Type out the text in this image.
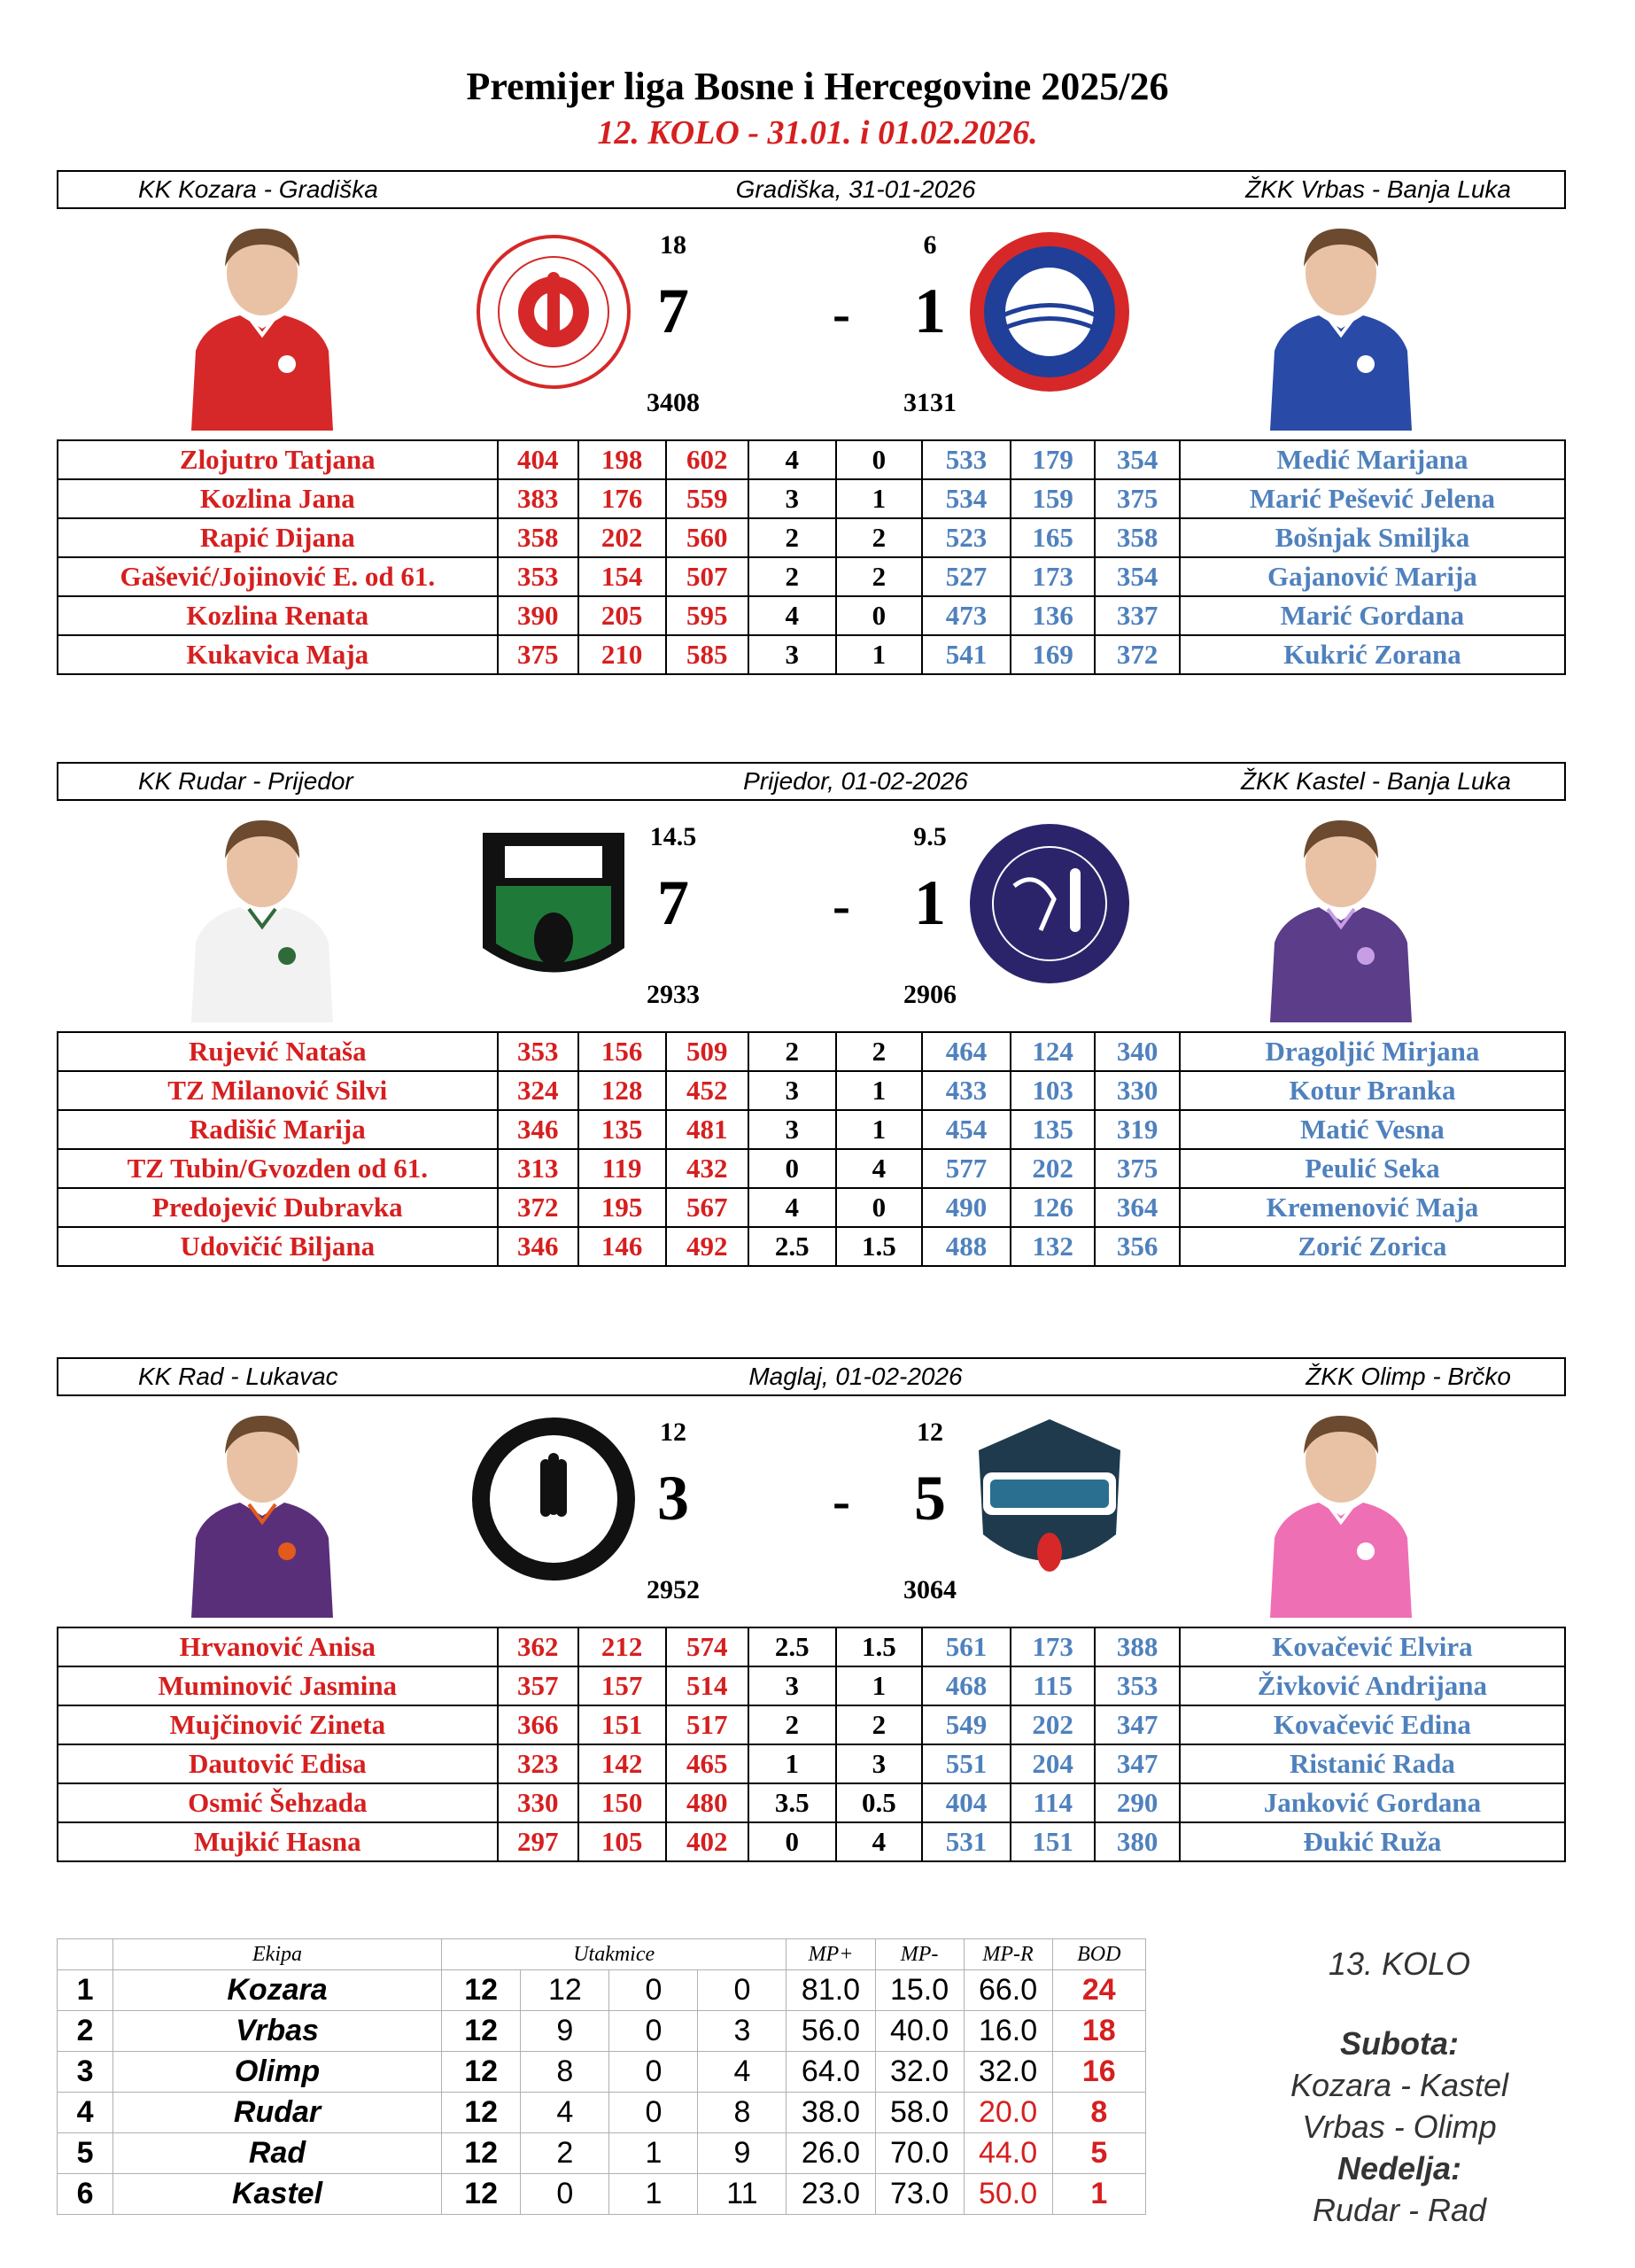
Premijer liga Bosne i Hercegovine 2025/26
12. KOLO - 31.01. i 01.02.2026.
KK Kozara - Gradiška	Gradiška, 31-01-2026	ŽKK Vrbas - Banja Luka
18	6
7	-	1
3408	3131
Zlojutro Tatjana	404	198	602	4	0	533	179	354	Medić Marijana
Kozlina Jana	383	176	559	3	1	534	159	375	Marić Pešević Jelena
Rapić Dijana	358	202	560	2	2	523	165	358	Bošnjak Smiljka
Gašević/Jojinović E. od 61.	353	154	507	2	2	527	173	354	Gajanović Marija
Kozlina Renata	390	205	595	4	0	473	136	337	Marić Gordana
Kukavica Maja	375	210	585	3	1	541	169	372	Kukrić Zorana
KK Rudar - Prijedor	Prijedor, 01-02-2026	ŽKK Kastel - Banja Luka
14.5	9.5
7	-	1
2933	2906
Rujević Nataša	353	156	509	2	2	464	124	340	Dragoljić Mirjana
TZ Milanović Silvi	324	128	452	3	1	433	103	330	Kotur Branka
Radišić Marija	346	135	481	3	1	454	135	319	Matić Vesna
TZ Tubin/Gvozden od 61.	313	119	432	0	4	577	202	375	Peulić Seka
Predojević Dubravka	372	195	567	4	0	490	126	364	Kremenović Maja
Udovičić Biljana	346	146	492	2.5	1.5	488	132	356	Zorić Zorica
KK Rad - Lukavac	Maglaj, 01-02-2026	ŽKK Olimp - Brčko
12	12
3	-	5
2952	3064
Hrvanović Anisa	362	212	574	2.5	1.5	561	173	388	Kovačević Elvira
Muminović Jasmina	357	157	514	3	1	468	115	353	Živković Andrijana
Mujčinović Zineta	366	151	517	2	2	549	202	347	Kovačević Edina
Dautović Edisa	323	142	465	1	3	551	204	347	Ristanić Rada
Osmić Šehzada	330	150	480	3.5	0.5	404	114	290	Janković Gordana
Mujkić Hasna	297	105	402	0	4	531	151	380	Đukić Ruža
	Ekipa	Utakmice				MP+	MP-	MP-R	BOD
1	Kozara	12	12	0	0	81.0	15.0	66.0	24
2	Vrbas	12	9	0	3	56.0	40.0	16.0	18
3	Olimp	12	8	0	4	64.0	32.0	32.0	16
4	Rudar	12	4	0	8	38.0	58.0	20.0	8
5	Rad	12	2	1	9	26.0	70.0	44.0	5
6	Kastel	12	0	1	11	23.0	73.0	50.0	1
13. KOLO
Subota:
Kozara - Kastel
Vrbas - Olimp
Nedelja:
Rudar - Rad
